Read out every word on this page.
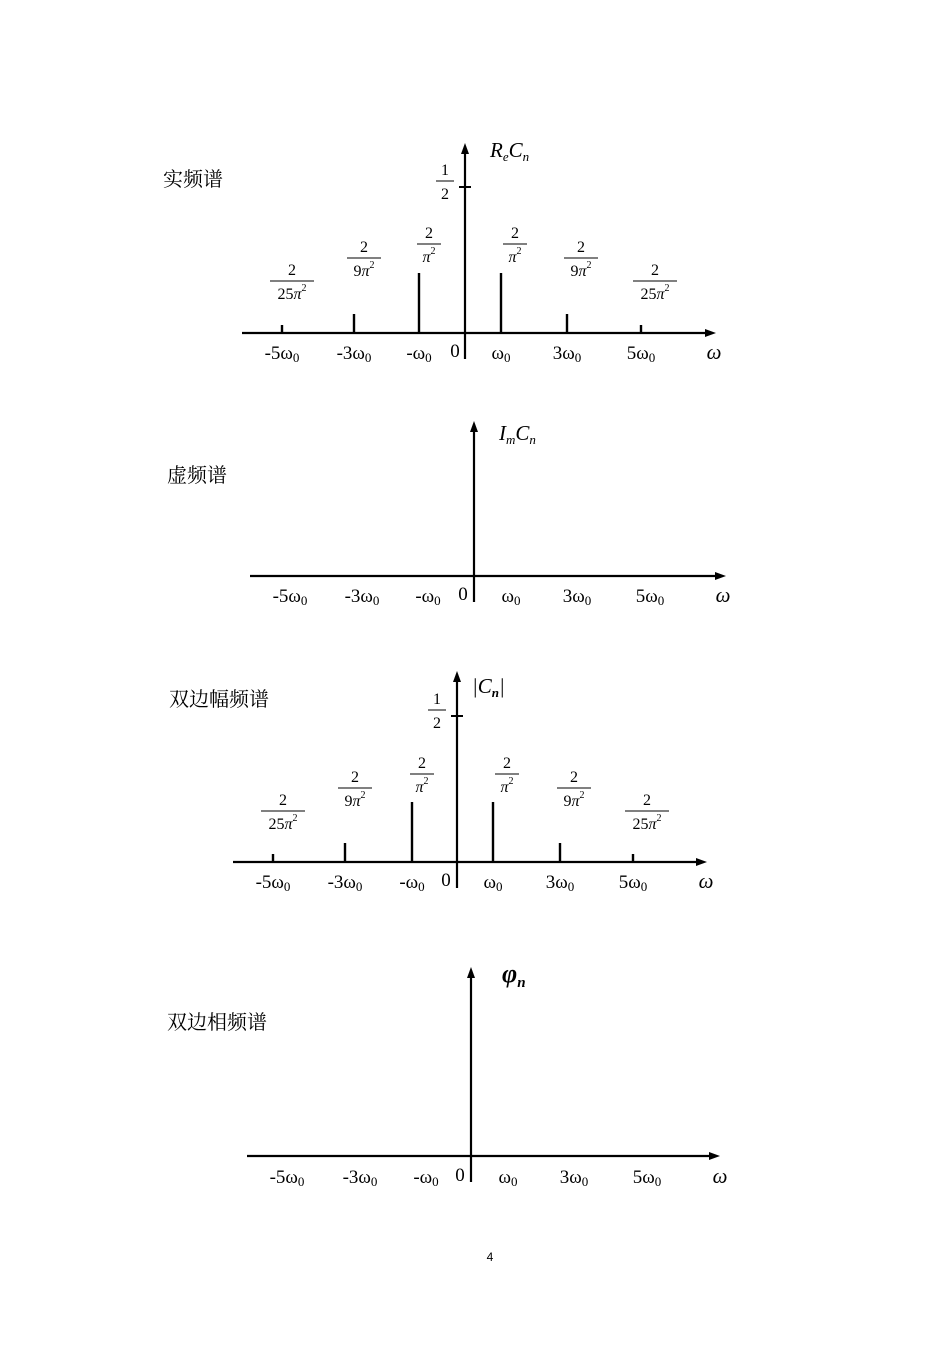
实频谱
虚频谱
双边幅频谱
双边相频谱
ReCn
1
2
2
$25\pi^2$
2
$9\pi^2$
2
$\pi^2$
2
$\pi^2$	2
$9\pi^2$	2
$25\pi^2$
-5ω0 -3ω0 -ω0	ω0 3ω0 5ω0
0	ω
ImCn
-5ω0 -3ω0 -ω0	ω0 3ω0 5ω0
0	ω
|Cn|
1
2
2
$25\pi^2$
2
$9\pi^2$
2
$\pi^2$
2
$\pi^2$	2
$9\pi^2$	2
$25\pi^2$
-5ω0 -3ω0 -ω0	ω0 3ω0 5ω0
0	ω
φn
-5ω0 -3ω0 -ω0	ω0 3ω0 5ω0
0	ω
4
